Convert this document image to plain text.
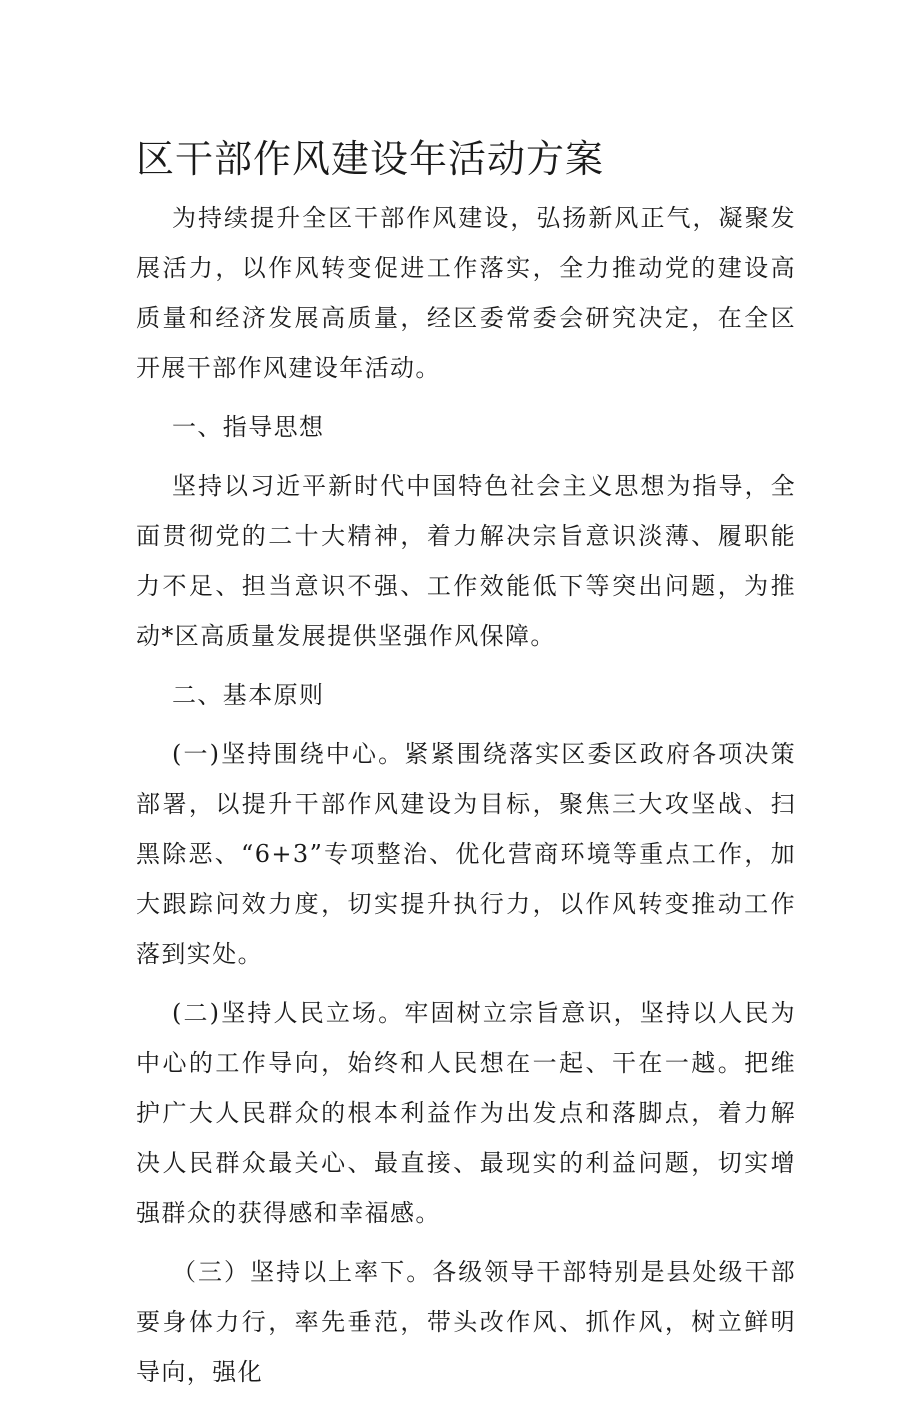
区干部作风建设年活动方案

为持续提升全区干部作风建设，弘扬新风正气，凝聚发展活力，以作风转变促进工作落实，全力推动党的建设高质量和经济发展高质量，经区委常委会研究决定，在全区开展干部作风建设年活动。

一、指导思想

坚持以习近平新时代中国特色社会主义思想为指导，全面贯彻党的二十大精神，着力解决宗旨意识淡薄、履职能力不足、担当意识不强、工作效能低下等突出问题，为推动*区高质量发展提供坚强作风保障。

二、基本原则

(一)坚持围绕中心。紧紧围绕落实区委区政府各项决策部署，以提升干部作风建设为目标，聚焦三大攻坚战、扫黑除恶、“6+3”专项整治、优化营商环境等重点工作，加大跟踪问效力度，切实提升执行力，以作风转变推动工作落到实处。

(二)坚持人民立场。牢固树立宗旨意识，坚持以人民为中心的工作导向，始终和人民想在一起、干在一越。把维护广大人民群众的根本利益作为出发点和落脚点，着力解决人民群众最关心、最直接、最现实的利益问题，切实增强群众的获得感和幸福感。

（三）坚持以上率下。各级领导干部特别是县处级干部要身体力行，率先垂范，带头改作风、抓作风，树立鲜明导向，强化
